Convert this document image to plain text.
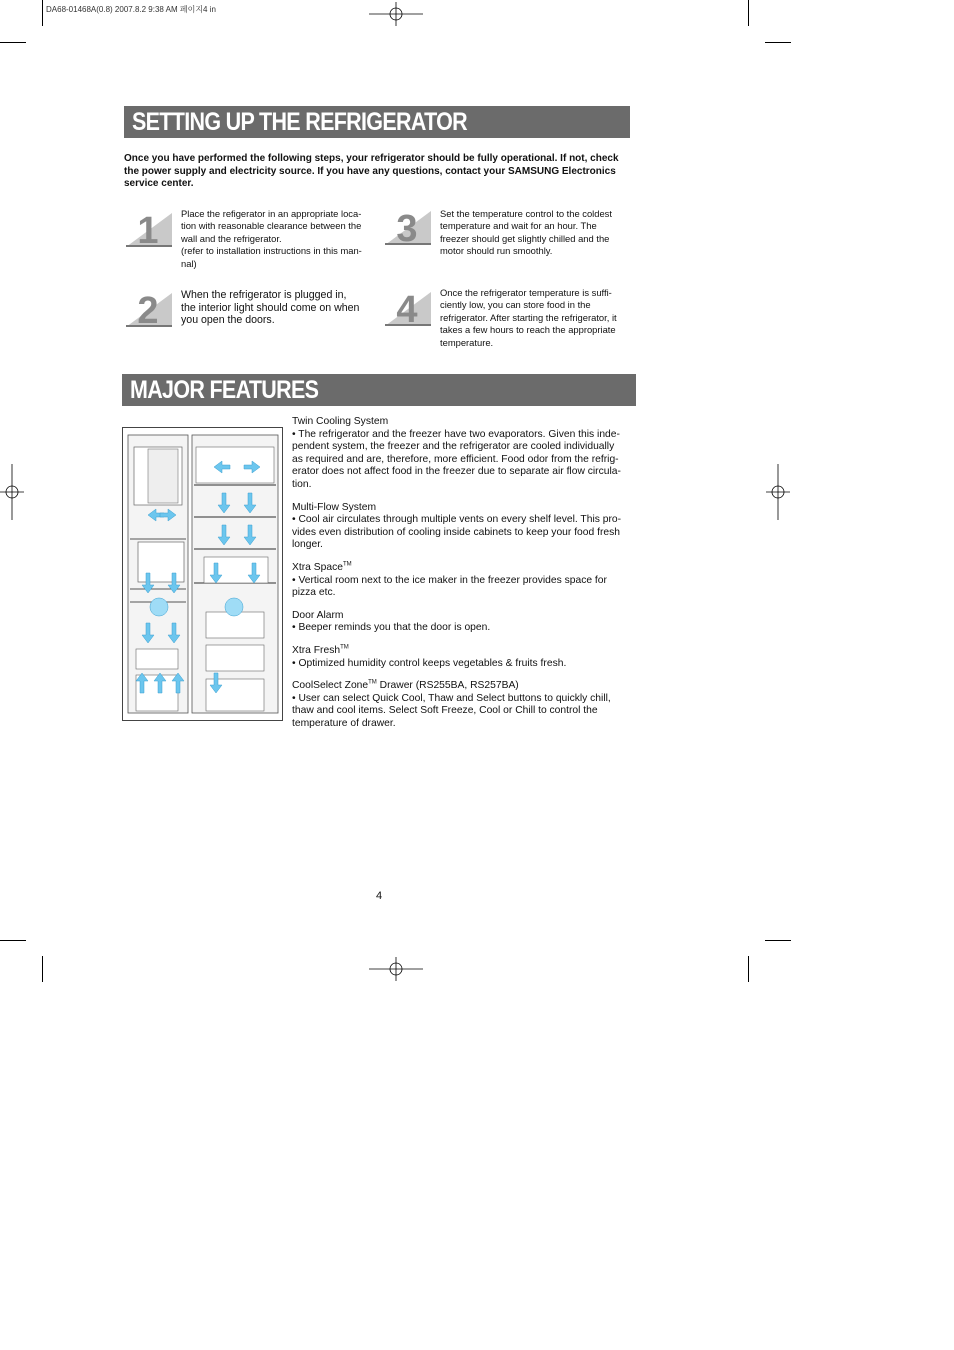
DA68-01468A(0.8) 2007.8.2 9:38 AM 페이지4 in
SETTING UP THE REFRIGERATOR
Once you have performed the following steps, your refrigerator should be fully operational. If not, check the power supply and electricity source. If you have any questions, contact your SAMSUNG Electronics service center.
1
2
3
4
Place the refigerator in an appropriate loca-
tion with reasonable clearance between the
wall and the refrigerator.
(refer to installation instructions in this man-
nal)
When the refrigerator is plugged in,
the interior light should come on when
you open the doors.
Set the temperature control to the coldest
temperature and wait for an hour. The
freezer should get slightly chilled and the
motor should run smoothly.
Once the refrigerator temperature is suffi-
ciently low, you can store food in the
refrigerator. After starting the refrigerator, it
takes a few hours to reach the appropriate
temperature.
MAJOR FEATURES
Twin Cooling System
• The refrigerator and the freezer have two evaporators. Given this inde-
pendent system, the freezer and the refrigerator are cooled individually
as required and are, therefore, more efficient. Food odor from the refrig-
erator does not affect food in the freezer due to separate air flow circula-
tion.
Multi-Flow System
• Cool air circulates through multiple vents on every shelf level. This pro-
vides even distribution of cooling inside cabinets to keep your food fresh
longer.
Xtra Space™
• Vertical room next to the ice maker in the freezer provides space for
pizza etc.
Door Alarm
• Beeper reminds you that the door is open.
Xtra Fresh™
• Optimized humidity control keeps vegetables & fruits fresh.
CoolSelect Zone™ Drawer (RS255BA, RS257BA)
• User can select Quick Cool, Thaw and Select buttons to quickly chill,
thaw and cool items. Select Soft Freeze, Cool or Chill to control the
temperature of drawer.
4
